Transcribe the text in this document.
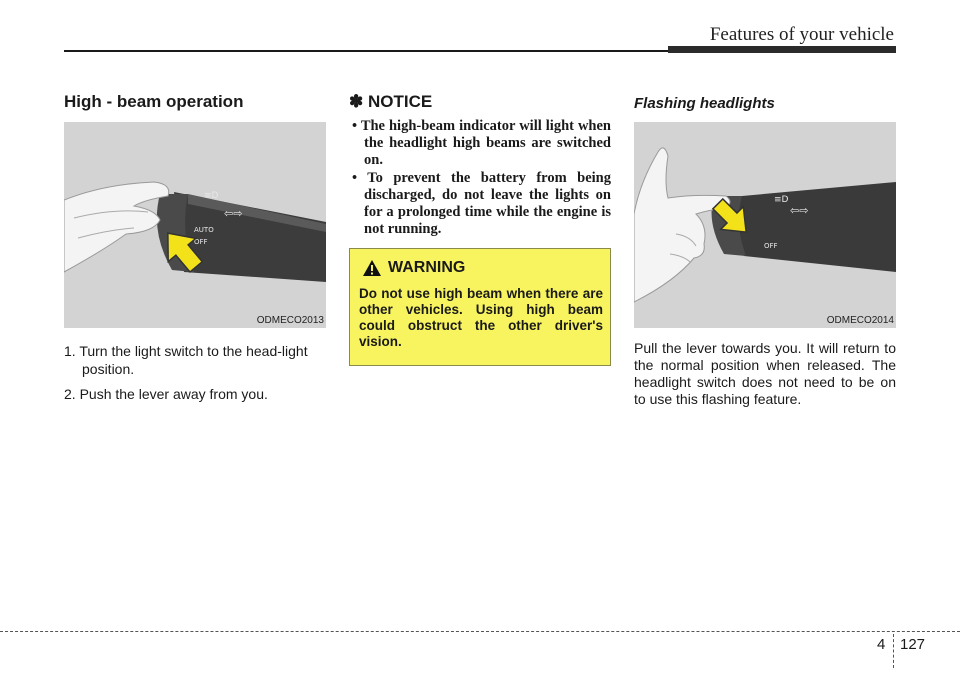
Features of your vehicle
High - beam operation
≡D
⇦⇨
AUTO
OFF
ODMECO2013
1. Turn the light switch to the head-light position.
2. Push the lever away from you.
✽ NOTICE
• The high-beam indicator will light when the headlight high beams are switched on.
• To prevent the battery from being discharged, do not leave the lights on for a prolonged time while the engine is not running.
WARNING
Do not use high beam when there are other vehicles. Using high beam could obstruct the other driver's vision.
Flashing headlights
≡D
⇦⇨
OFF
ODMECO2014

Pull the lever towards you. It will return to the normal position when released. The headlight switch does not need to be on to use this flashing feature.

4 127
